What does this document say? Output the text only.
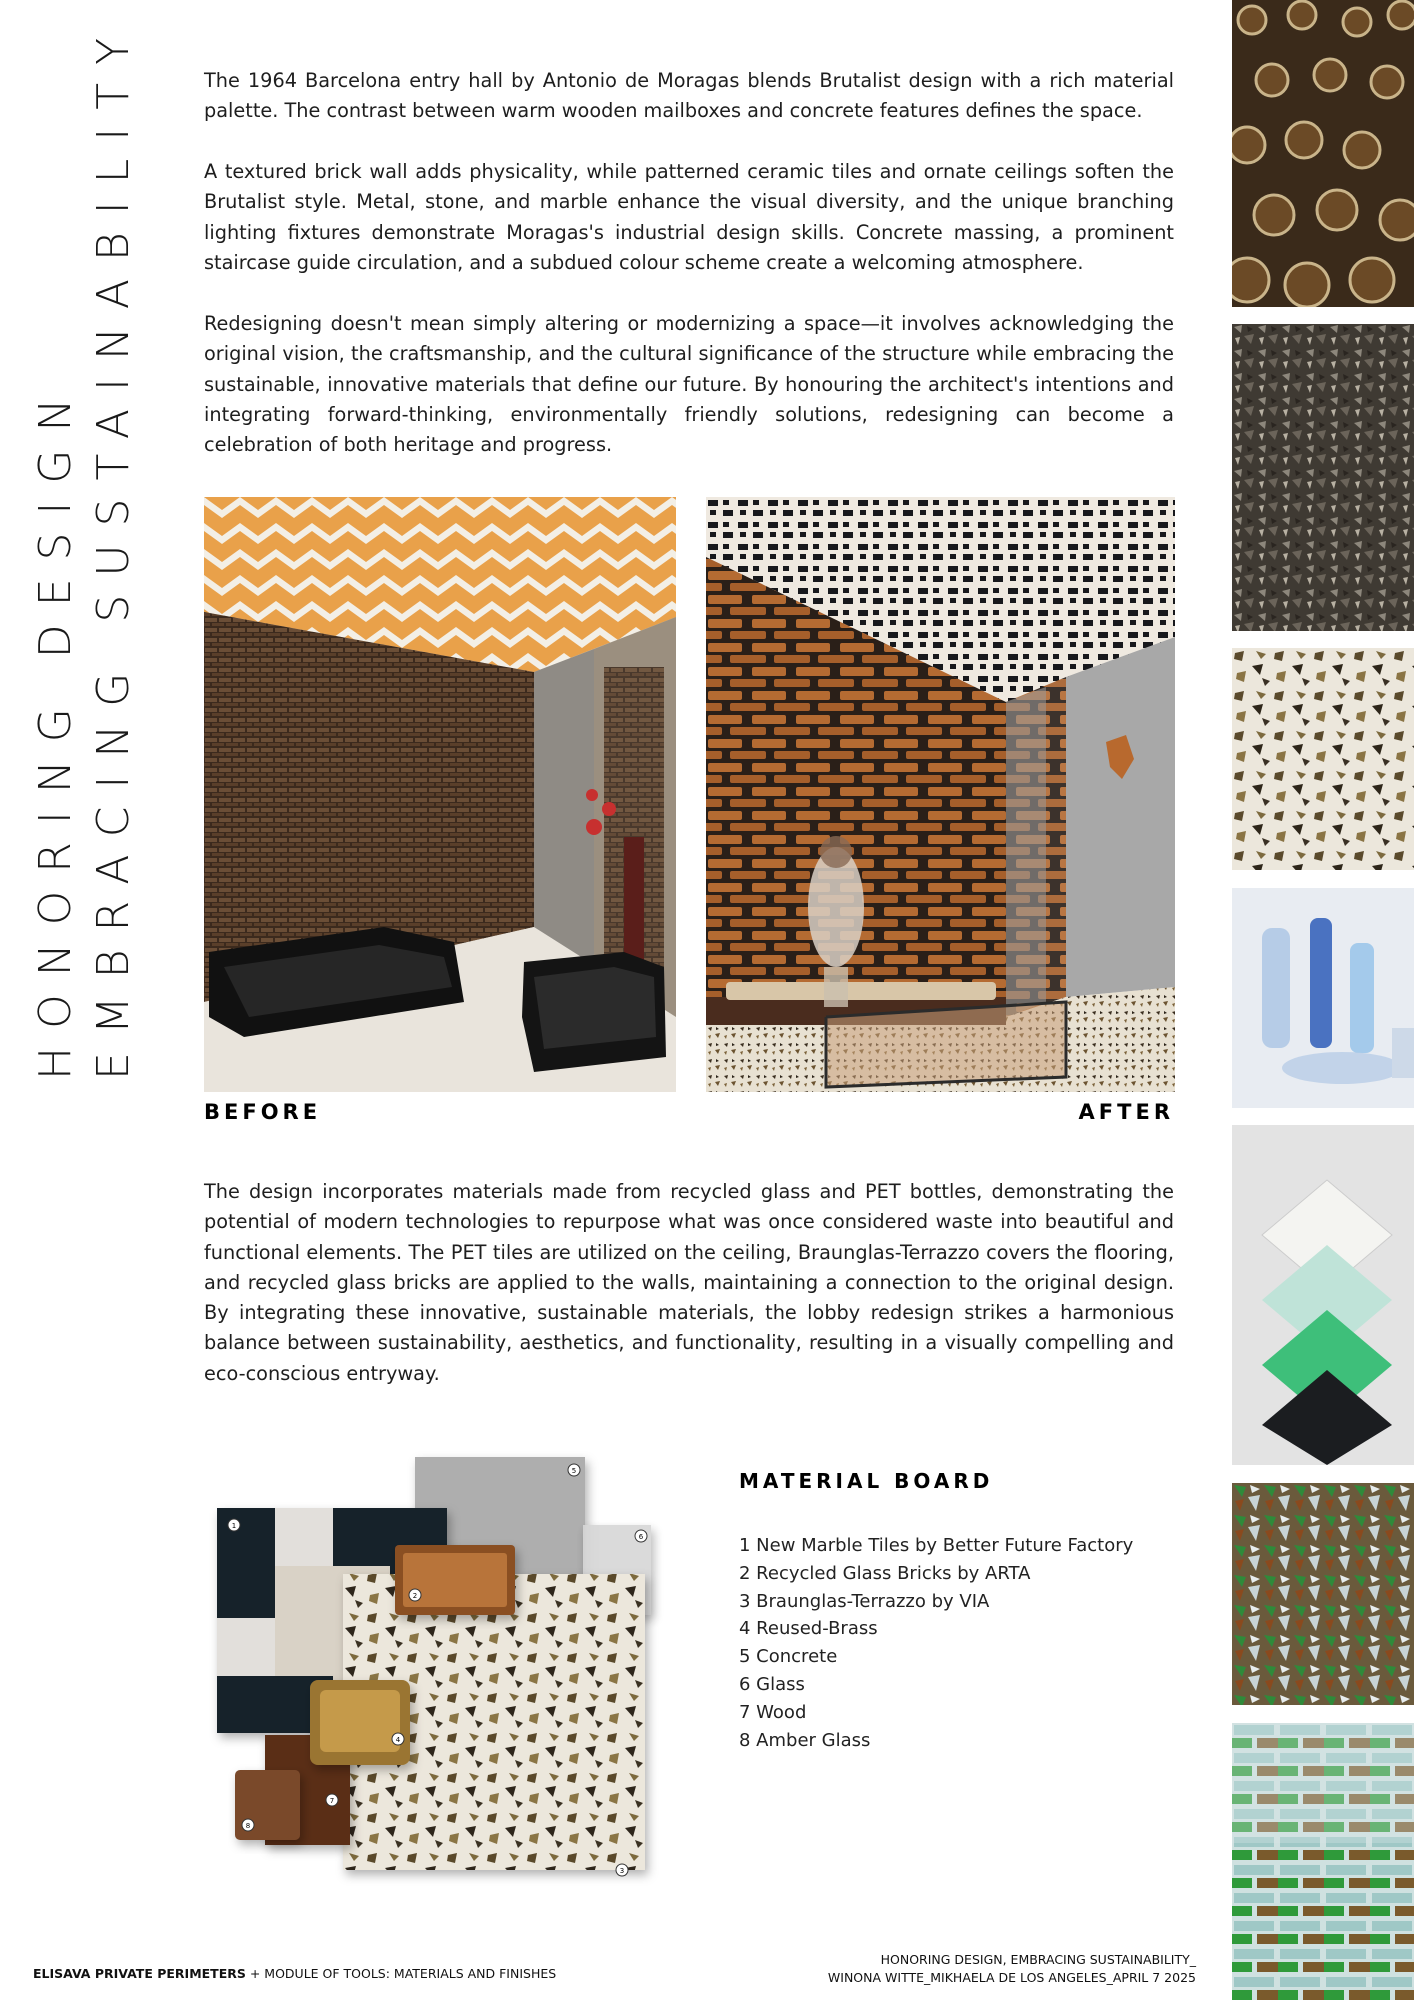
HONORING DESIGN EMBRACING SUSTAINABILITY	The 1964 Barcelona entry hall by Antonio de Moragas blends Brutalist design with a rich material palette. The contrast between warm wooden mailboxes and concrete features defines the space.

A textured brick wall adds physicality, while patterned ceramic tiles and ornate ceilings soften the Brutalist style. Metal, stone, and marble enhance the visual diversity, and the unique branching lighting fixtures demonstrate Moragas's industrial design skills. Concrete massing, a prominent staircase guide circulation, and a subdued colour scheme create a welcoming atmosphere.

Redesigning doesn't mean simply altering or modernizing a space—it involves acknowledging the original vision, the craftsmanship, and the cultural significance of the structure while embracing the sustainable, innovative materials that define our future. By honouring the architect's intentions and integrating forward-thinking, environmentally friendly solutions, redesigning can become a celebration of both heritage and progress.

BEFORE	AFTER

The design incorporates materials made from recycled glass and PET bottles, demonstrating the potential of modern technologies to repurpose what was once considered waste into beautiful and functional elements. The PET tiles are utilized on the ceiling, Braunglas-Terrazzo covers the flooring, and recycled glass bricks are applied to the walls, maintaining a connection to the original design. By integrating these innovative, sustainable materials, the lobby redesign strikes a harmonious balance between sustainability, aesthetics, and functionality, resulting in a visually compelling and eco-conscious entryway.

1
2
3
4
5
6
7
8
MATERIAL BOARD
1 New Marble Tiles by Better Future Factory
2 Recycled Glass Bricks by ARTA
3 Braunglas-Terrazzo by VIA
4 Reused-Brass
5 Concrete
6 Glass
7 Wood
8 Amber Glass
ELISAVA PRIVATE PERIMETERS + MODULE OF TOOLS: MATERIALS AND FINISHES
HONORING DESIGN, EMBRACING SUSTAINABILITY_
WINONA WITTE_MIKHAELA DE LOS ANGELES_APRIL 7 2025
